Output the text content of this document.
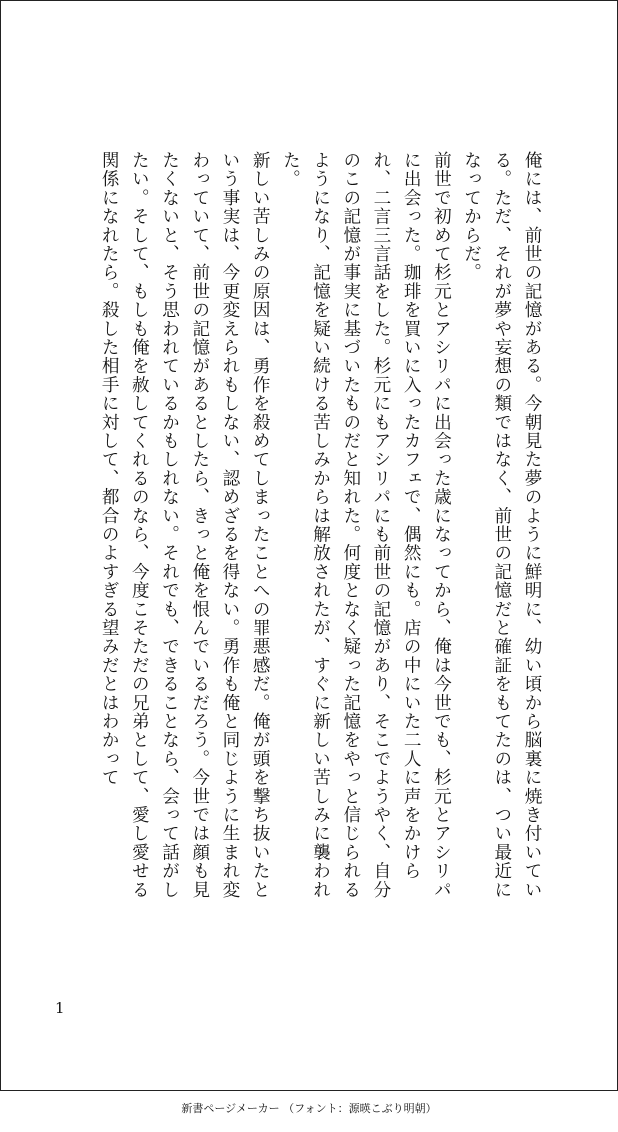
俺には、前世の記憶がある。今朝見た夢のように鮮明に、幼い頃から脳裏に焼き付いている。ただ、それが夢や妄想の類ではなく、前世の記憶だと確証をもてたのは、つい最近になってからだ。

前世で初めて杉元とアシリパに出会った歳になってから、俺は今世でも、杉元とアシリパに出会った。珈琲を買いに入ったカフェで、偶然にも。店の中にいた二人に声をかけられ、二言三言話をした。杉元にもアシリパにも前世の記憶があり、そこでようやく、自分のこの記憶が事実に基づいたものだと知れた。何度となく疑った記憶をやっと信じられるようになり、記憶を疑い続ける苦しみからは解放されたが、すぐに新しい苦しみに襲われた。

新しい苦しみの原因は、勇作を殺めてしまったことへの罪悪感だ。俺が頭を撃ち抜いたという事実は、今更変えられもしない、認めざるを得ない。勇作も俺と同じように生まれ変わっていて、前世の記憶があるとしたら、きっと俺を恨んでいるだろう。今世では顔も見たくないと、そう思われているかもしれない。それでも、できることなら、会って話がしたい。そして、もしも俺を赦してくれるのなら、今度こそただの兄弟として、愛し愛せる関係になれたら。殺した相手に対して、都合のよすぎる望みだとはわかって

1
新書ページメーカー （フォント：源暎こぶり明朝）
